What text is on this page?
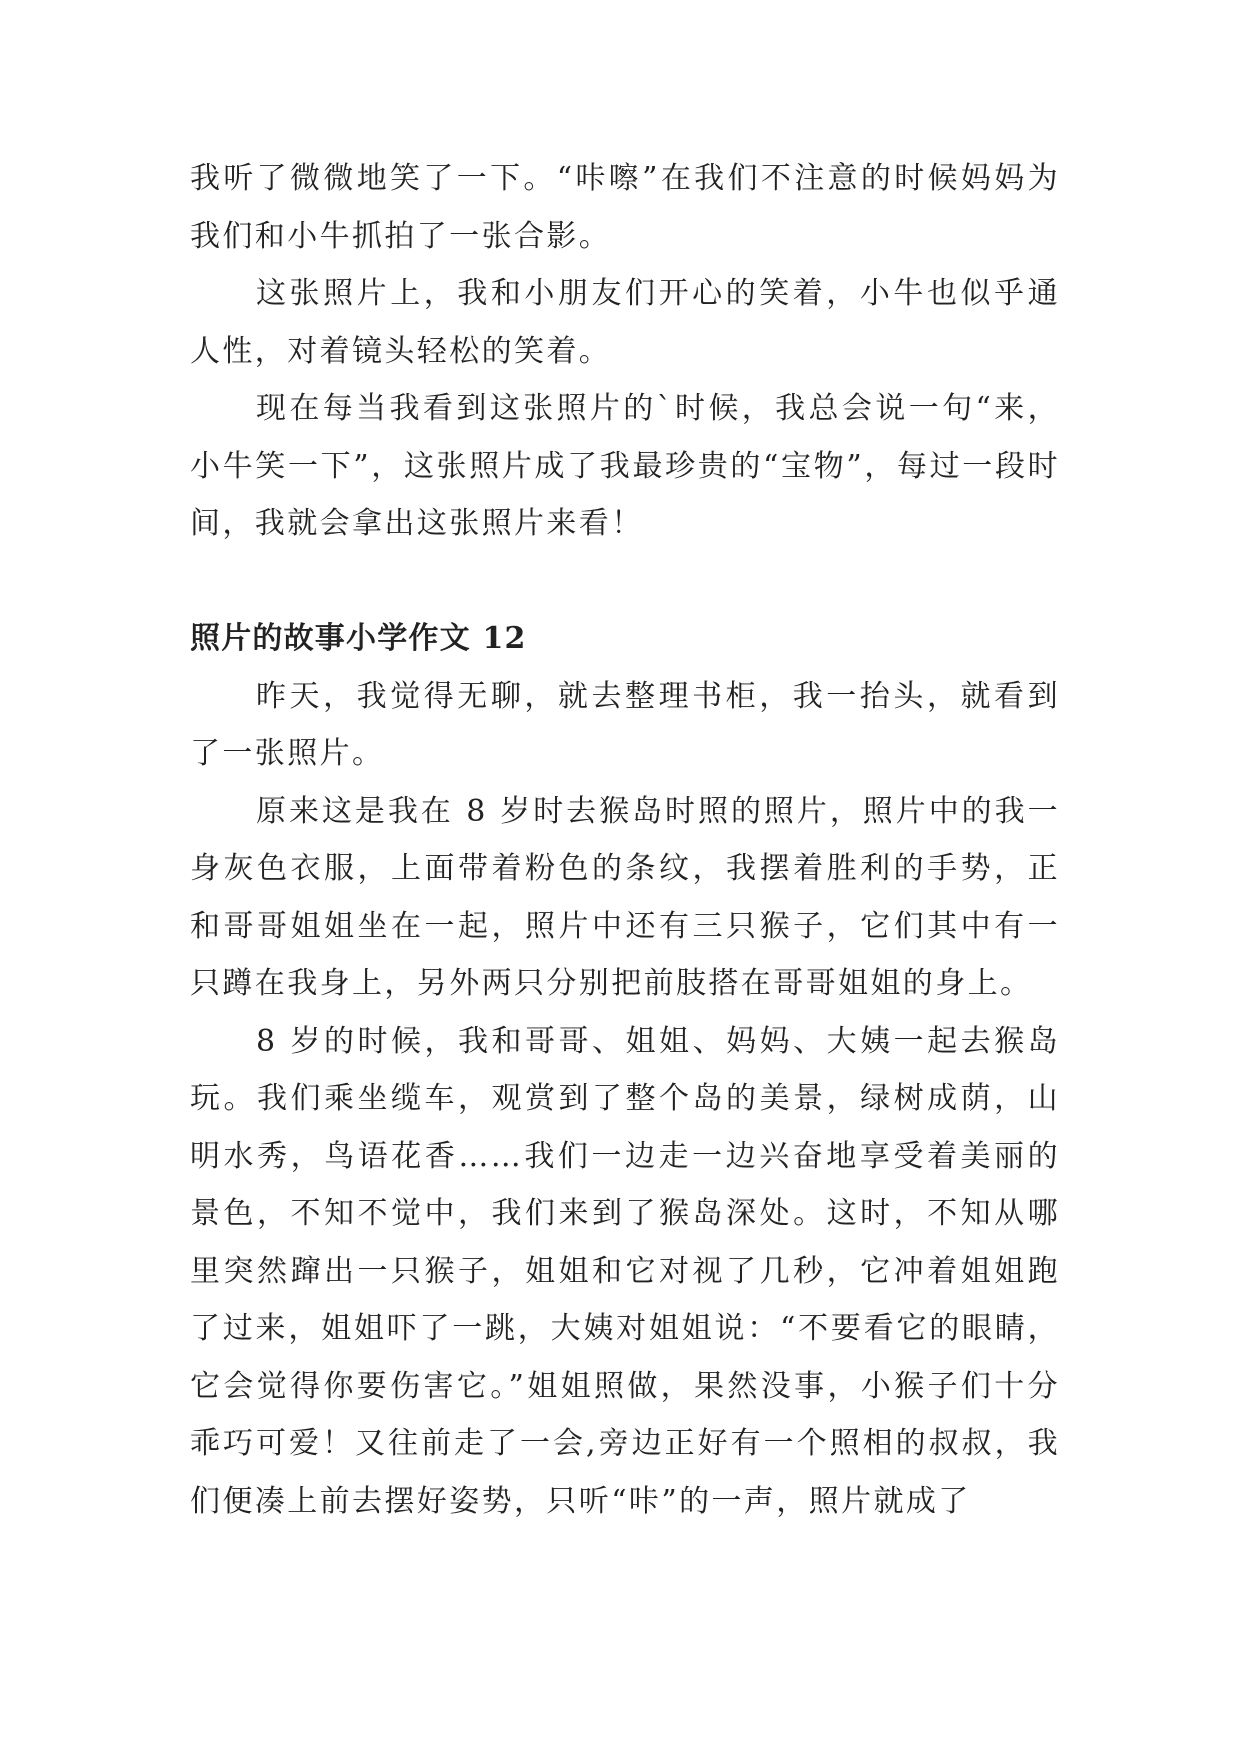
我听了微微地笑了一下。“咔嚓”在我们不注意的时候妈妈为我们和小牛抓拍了一张合影。

这张照片上，我和小朋友们开心的笑着，小牛也似乎通人性，对着镜头轻松的笑着。

现在每当我看到这张照片的`时候，我总会说一句“来，小牛笑一下”，这张照片成了我最珍贵的“宝物”，每过一段时间，我就会拿出这张照片来看！

照片的故事小学作文 12

昨天，我觉得无聊，就去整理书柜，我一抬头，就看到了一张照片。

原来这是我在 8 岁时去猴岛时照的照片，照片中的我一身灰色衣服，上面带着粉色的条纹，我摆着胜利的手势，正和哥哥姐姐坐在一起，照片中还有三只猴子，它们其中有一只蹲在我身上，另外两只分别把前肢搭在哥哥姐姐的身上。

8 岁的时候，我和哥哥、姐姐、妈妈、大姨一起去猴岛玩。我们乘坐缆车，观赏到了整个岛的美景，绿树成荫，山明水秀，鸟语花香……我们一边走一边兴奋地享受着美丽的景色，不知不觉中，我们来到了猴岛深处。这时，不知从哪里突然蹿出一只猴子，姐姐和它对视了几秒，它冲着姐姐跑了过来，姐姐吓了一跳，大姨对姐姐说：“不要看它的眼睛，它会觉得你要伤害它。”姐姐照做，果然没事，小猴子们十分乖巧可爱！又往前走了一会,旁边正好有一个照相的叔叔，我们便凑上前去摆好姿势，只听“咔”的一声，照片就成了
